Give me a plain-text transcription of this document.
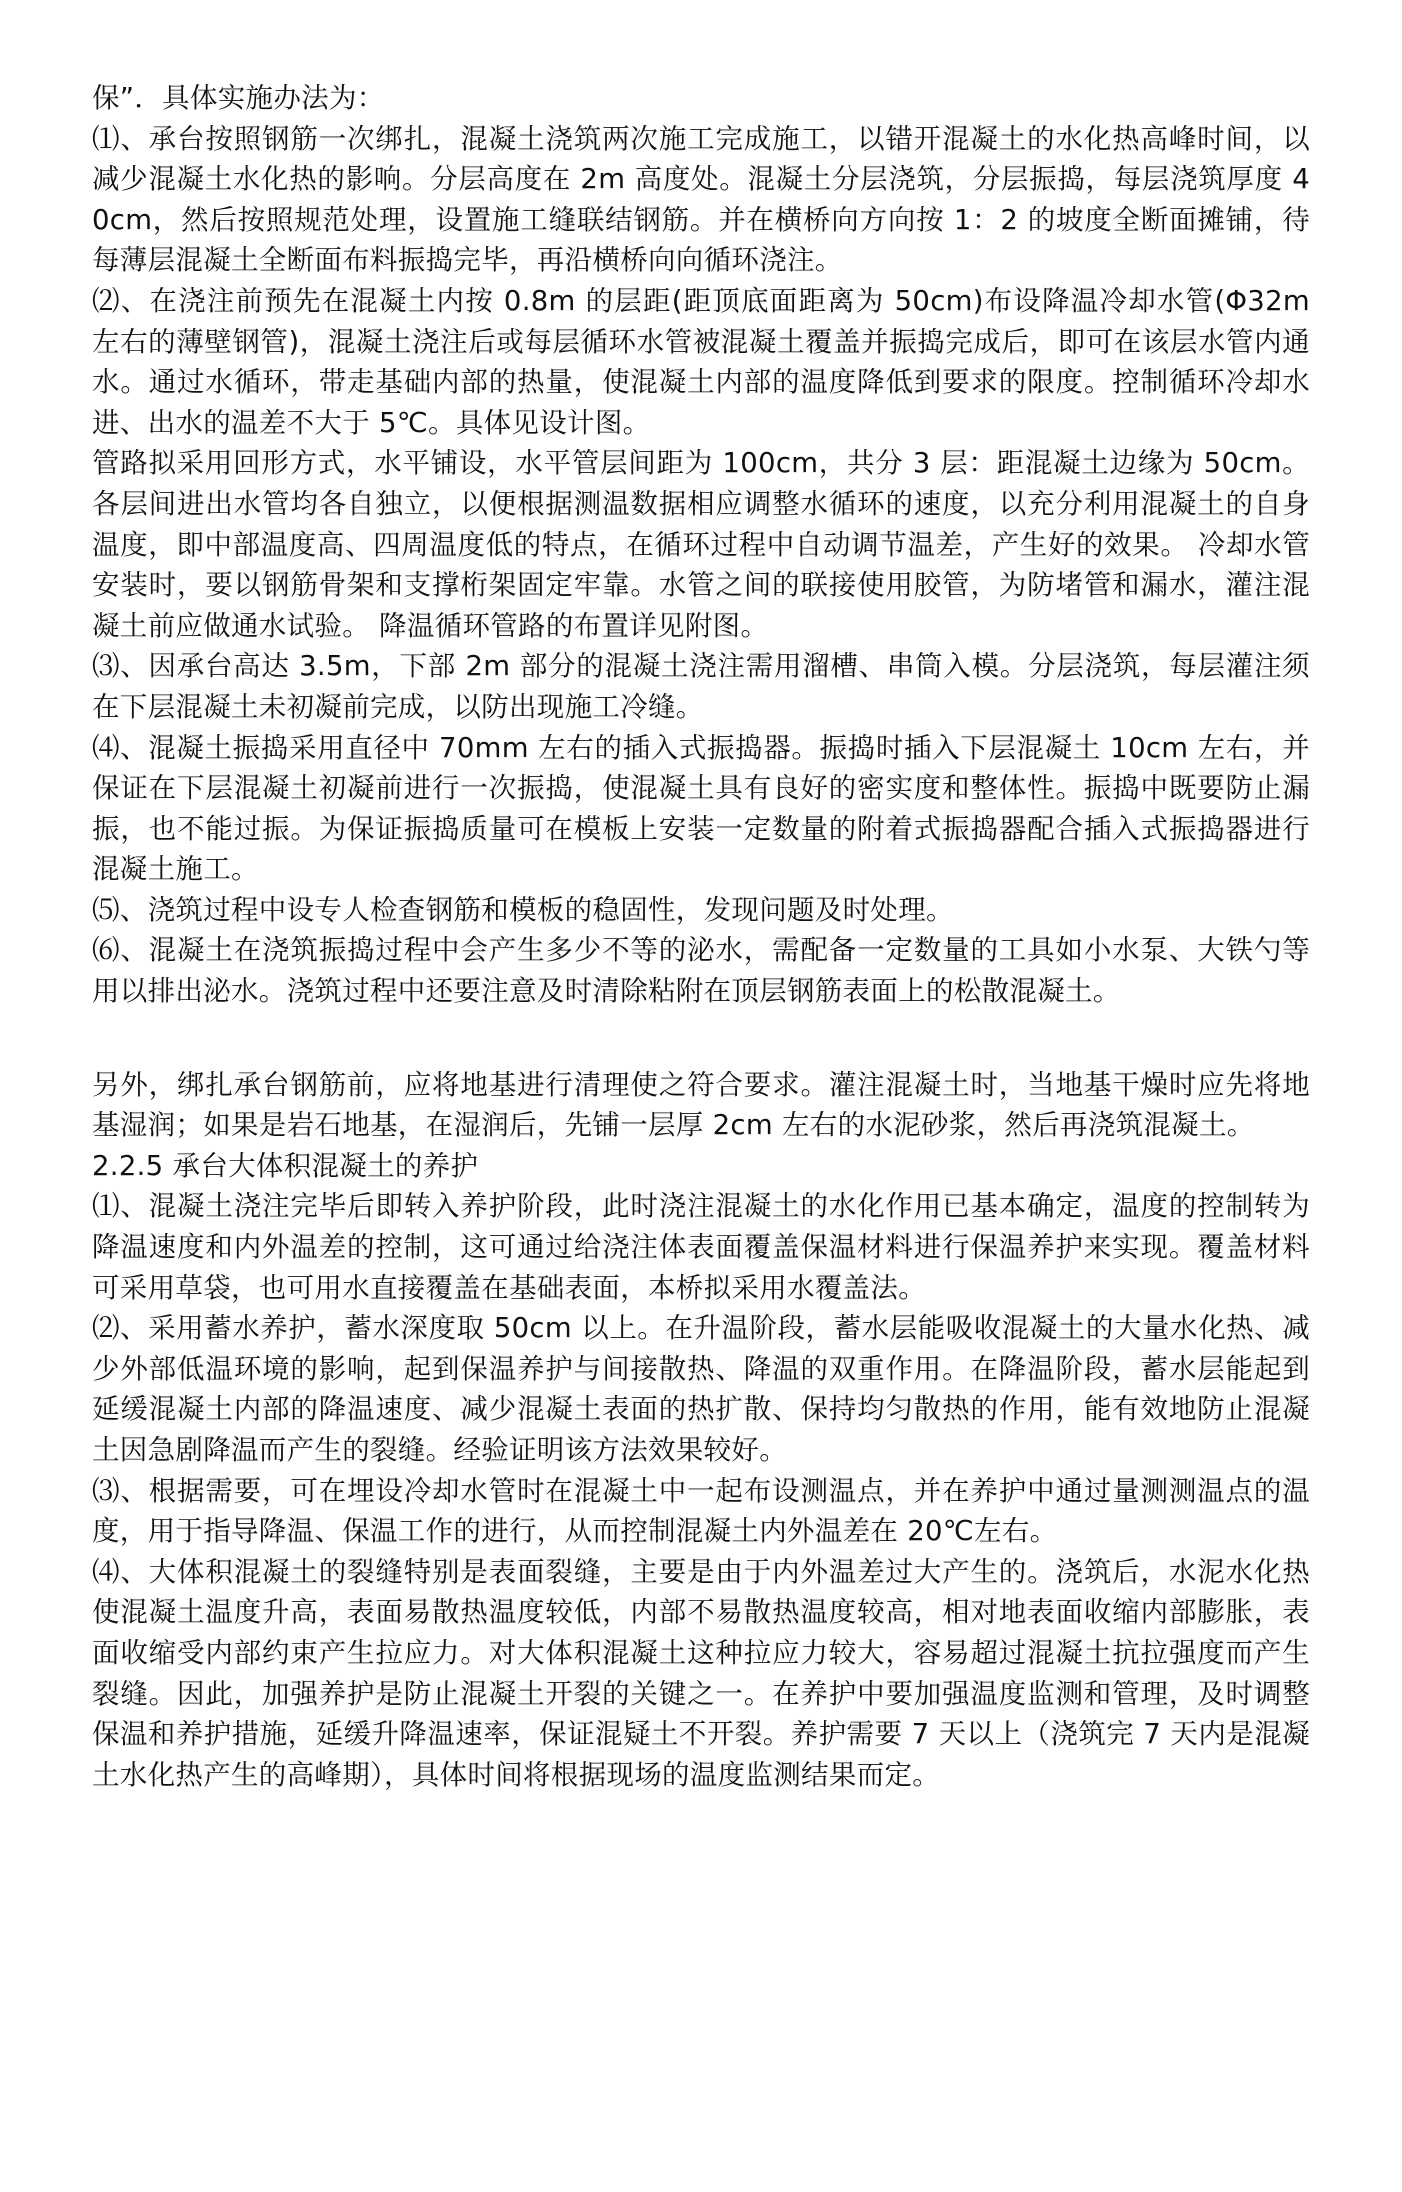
保”．具体实施办法为：

⑴、承台按照钢筋一次绑扎，混凝土浇筑两次施工完成施工，以错开混凝土的水化热高峰时间，以减少混凝土水化热的影响。分层高度在 2m 高度处。混凝土分层浇筑，分层振捣，每层浇筑厚度 40cm，然后按照规范处理，设置施工缝联结钢筋。并在横桥向方向按 1：2 的坡度全断面摊铺，待每薄层混凝土全断面布料振捣完毕，再沿横桥向向循环浇注。

⑵、在浇注前预先在混凝土内按 0.8m 的层距(距顶底面距离为 50cm)布设降温冷却水管(Φ32m 左右的薄壁钢管)，混凝土浇注后或每层循环水管被混凝土覆盖并振捣完成后，即可在该层水管内通水。通过水循环，带走基础内部的热量，使混凝土内部的温度降低到要求的限度。控制循环冷却水进、出水的温差不大于 5℃。具体见设计图。

管路拟采用回形方式，水平铺设，水平管层间距为 100cm，共分 3 层：距混凝土边缘为 50cm。各层间进出水管均各自独立，以便根据测温数据相应调整水循环的速度，以充分利用混凝土的自身温度，即中部温度高、四周温度低的特点，在循环过程中自动调节温差，产生好的效果。 冷却水管安装时，要以钢筋骨架和支撑桁架固定牢靠。水管之间的联接使用胶管，为防堵管和漏水，灌注混凝土前应做通水试验。 降温循环管路的布置详见附图。

⑶、因承台高达 3.5m，下部 2m 部分的混凝土浇注需用溜槽、串筒入模。分层浇筑，每层灌注须在下层混凝土未初凝前完成，以防出现施工冷缝。

⑷、混凝土振捣采用直径中 70mm 左右的插入式振捣器。振捣时插入下层混凝土 10cm 左右，并保证在下层混凝土初凝前进行一次振捣，使混凝土具有良好的密实度和整体性。振捣中既要防止漏振，也不能过振。为保证振捣质量可在模板上安装一定数量的附着式振捣器配合插入式振捣器进行混凝土施工。

⑸、浇筑过程中设专人检查钢筋和模板的稳固性，发现问题及时处理。

⑹、混凝土在浇筑振捣过程中会产生多少不等的泌水，需配备一定数量的工具如小水泵、大铁勺等用以排出泌水。浇筑过程中还要注意及时清除粘附在顶层钢筋表面上的松散混凝土。

另外，绑扎承台钢筋前，应将地基进行清理使之符合要求。灌注混凝土时，当地基干燥时应先将地基湿润；如果是岩石地基，在湿润后，先铺一层厚 2cm 左右的水泥砂浆，然后再浇筑混凝土。

2.2.5 承台大体积混凝土的养护

⑴、混凝土浇注完毕后即转入养护阶段，此时浇注混凝土的水化作用已基本确定，温度的控制转为降温速度和内外温差的控制，这可通过给浇注体表面覆盖保温材料进行保温养护来实现。覆盖材料可采用草袋，也可用水直接覆盖在基础表面，本桥拟采用水覆盖法。

⑵、采用蓄水养护，蓄水深度取 50cm 以上。在升温阶段，蓄水层能吸收混凝土的大量水化热、减少外部低温环境的影响，起到保温养护与间接散热、降温的双重作用。在降温阶段，蓄水层能起到延缓混凝土内部的降温速度、减少混凝土表面的热扩散、保持均匀散热的作用，能有效地防止混凝土因急剧降温而产生的裂缝。经验证明该方法效果较好。

⑶、根据需要，可在埋设冷却水管时在混凝土中一起布设测温点，并在养护中通过量测测温点的温度，用于指导降温、保温工作的进行，从而控制混凝土内外温差在 20℃左右。

⑷、大体积混凝土的裂缝特别是表面裂缝，主要是由于内外温差过大产生的。浇筑后，水泥水化热使混凝土温度升高，表面易散热温度较低，内部不易散热温度较高，相对地表面收缩内部膨胀，表面收缩受内部约束产生拉应力。对大体积混凝土这种拉应力较大，容易超过混凝土抗拉强度而产生裂缝。因此，加强养护是防止混凝土开裂的关键之一。在养护中要加强温度监测和管理，及时调整保温和养护措施，延缓升降温速率，保证混疑土不开裂。养护需要 7 天以上（浇筑完 7 天内是混凝土水化热产生的高峰期），具体时间将根据现场的温度监测结果而定。
